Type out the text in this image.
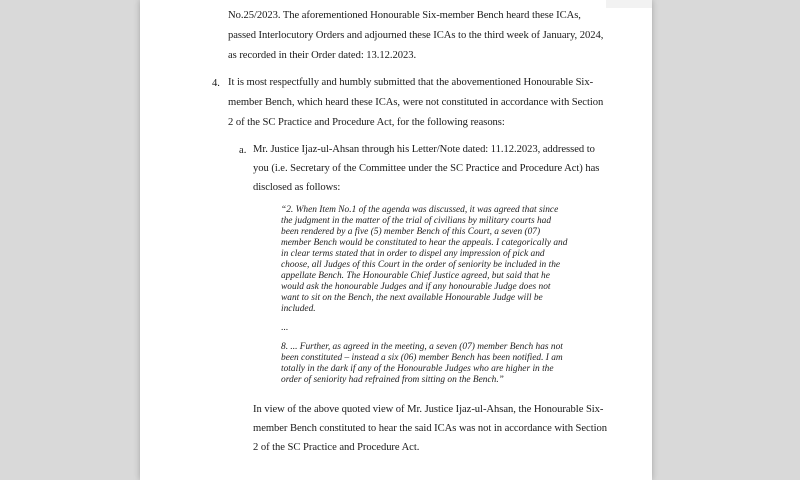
No.25/2023. The aforementioned Honourable Six-member Bench heard these ICAs,
passed Interlocutory Orders and adjourned these ICAs to the third week of January, 2024,
as recorded in their Order dated: 13.12.2023.
4. It is most respectfully and humbly submitted that the abovementioned Honourable Six-
member Bench, which heard these ICAs, were not constituted in accordance with Section
2 of the SC Practice and Procedure Act, for the following reasons:
a. Mr. Justice Ijaz-ul-Ahsan through his Letter/Note dated: 11.12.2023, addressed to
you (i.e. Secretary of the Committee under the SC Practice and Procedure Act) has
disclosed as follows:
“2. When Item No.1 of the agenda was discussed, it was agreed that since
the judgment in the matter of the trial of civilians by military courts had
been rendered by a five (5) member Bench of this Court, a seven (07)
member Bench would be constituted to hear the appeals. I categorically and
in clear terms stated that in order to dispel any impression of pick and
choose, all Judges of this Court in the order of seniority be included in the
appellate Bench. The Honourable Chief Justice agreed, but said that he
would ask the honourable Judges and if any honourable Judge does not
want to sit on the Bench, the next available Honourable Judge will be
included.
...
8. ... Further, as agreed in the meeting, a seven (07) member Bench has not
been constituted – instead a six (06) member Bench has been notified. I am
totally in the dark if any of the Honourable Judges who are higher in the
order of seniority had refrained from sitting on the Bench.”
In view of the above quoted view of Mr. Justice Ijaz-ul-Ahsan, the Honourable Six-
member Bench constituted to hear the said ICAs was not in accordance with Section
2 of the SC Practice and Procedure Act.
